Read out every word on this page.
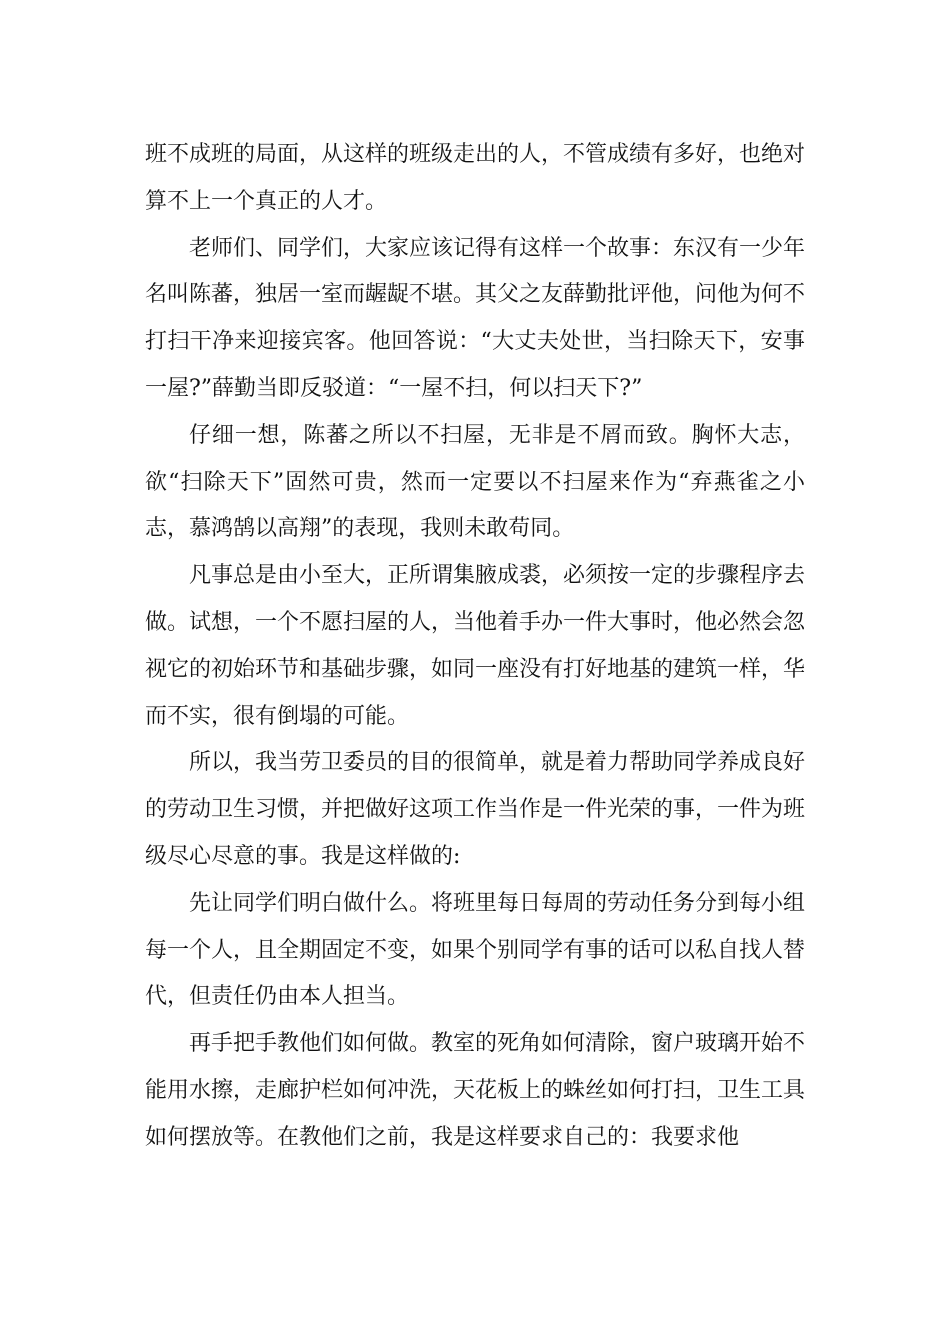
班不成班的局面，从这样的班级走出的人，不管成绩有多好，也绝对算不上一个真正的人才。

老师们、同学们，大家应该记得有这样一个故事：东汉有一少年名叫陈蕃，独居一室而龌龊不堪。其父之友薛勤批评他，问他为何不打扫干净来迎接宾客。他回答说：“大丈夫处世，当扫除天下，安事一屋?”薛勤当即反驳道：“一屋不扫，何以扫天下?”

仔细一想，陈蕃之所以不扫屋，无非是不屑而致。胸怀大志，欲“扫除天下”固然可贵，然而一定要以不扫屋来作为“弃燕雀之小志，慕鸿鹄以高翔”的表现，我则未敢苟同。

凡事总是由小至大，正所谓集腋成裘，必须按一定的步骤程序去做。试想，一个不愿扫屋的人，当他着手办一件大事时，他必然会忽视它的初始环节和基础步骤，如同一座没有打好地基的建筑一样，华而不实，很有倒塌的可能。

所以，我当劳卫委员的目的很简单，就是着力帮助同学养成良好的劳动卫生习惯，并把做好这项工作当作是一件光荣的事，一件为班级尽心尽意的事。我是这样做的:

先让同学们明白做什么。将班里每日每周的劳动任务分到每小组每一个人，且全期固定不变，如果个别同学有事的话可以私自找人替代，但责任仍由本人担当。

再手把手教他们如何做。教室的死角如何清除，窗户玻璃开始不能用水擦，走廊护栏如何冲洗，天花板上的蛛丝如何打扫，卫生工具如何摆放等。在教他们之前，我是这样要求自己的：我要求他
